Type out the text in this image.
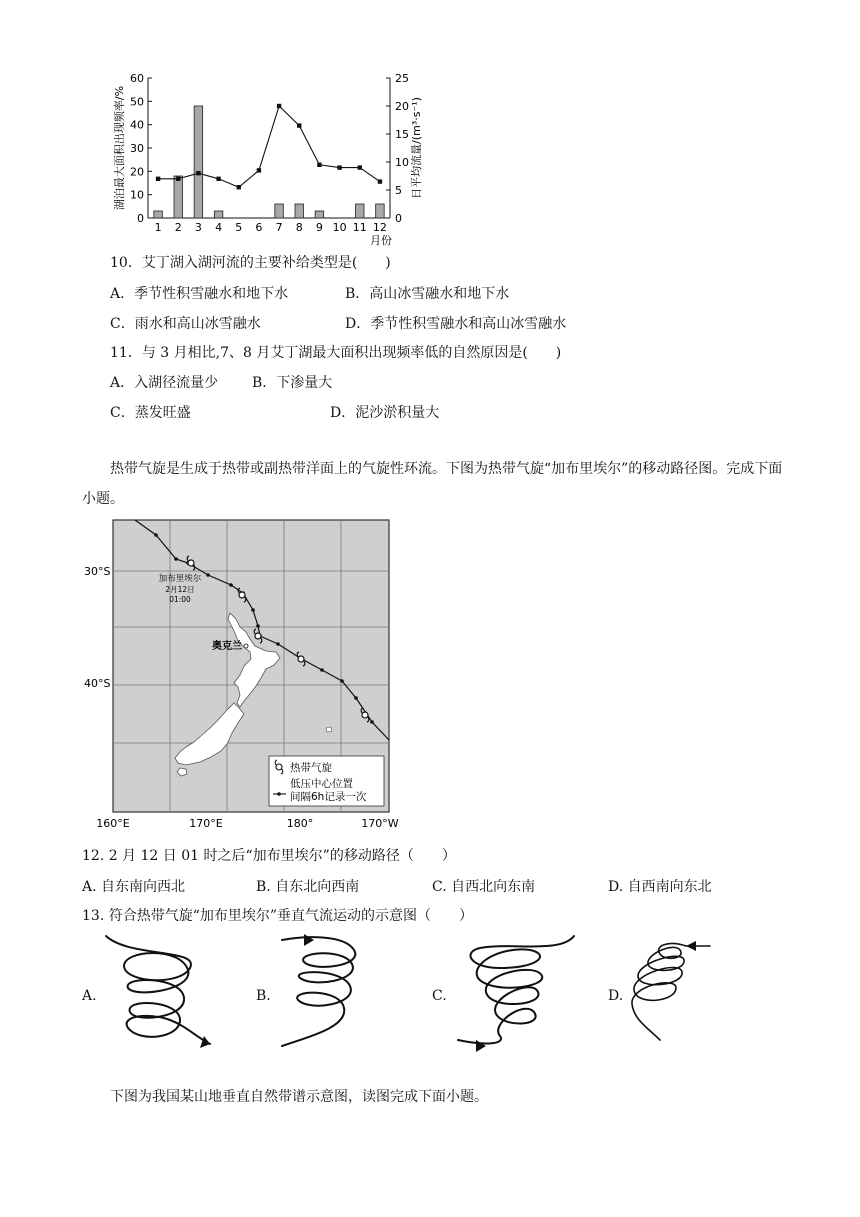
0
10
20
30
40
50
60
0
5
10
15
20
25
1 2 3 4 5 6 7 8 9 10 11 12
月份
湖泊最大面积出现频率/%	日平均流量/(m³·s⁻¹)
10．艾丁湖入湖河流的主要补给类型是(　　)
A．季节性积雪融水和地下水	B．高山冰雪融水和地下水
C．雨水和高山冰雪融水	D．季节性积雪融水和高山冰雪融水
11．与 3 月相比,7、8 月艾丁湖最大面积出现频率低的自然原因是(　　)
A．入湖径流量少 B．下渗量大
C．蒸发旺盛	D．泥沙淤积量大
热带气旋是生成于热带或副热带洋面上的气旋性环流。下图为热带气旋“加布里埃尔”的移动路径图。完成下面小题。
加布里埃尔
2月12日
01:00
奥克兰
30°S
40°S
160°E	170°E	180°	170°W
热带气旋
低压中心位置
间隔6h记录一次
12. 2 月 12 日 01 时之后“加布里埃尔”的移动路径（　　）
A. 自东南向西北	B. 自东北向西南	C. 自西北向东南	D. 自西南向东北
13. 符合热带气旋“加布里埃尔”垂直气流运动的示意图（　　）
A.	B.	C.	D.
下图为我国某山地垂直自然带谱示意图，读图完成下面小题。
